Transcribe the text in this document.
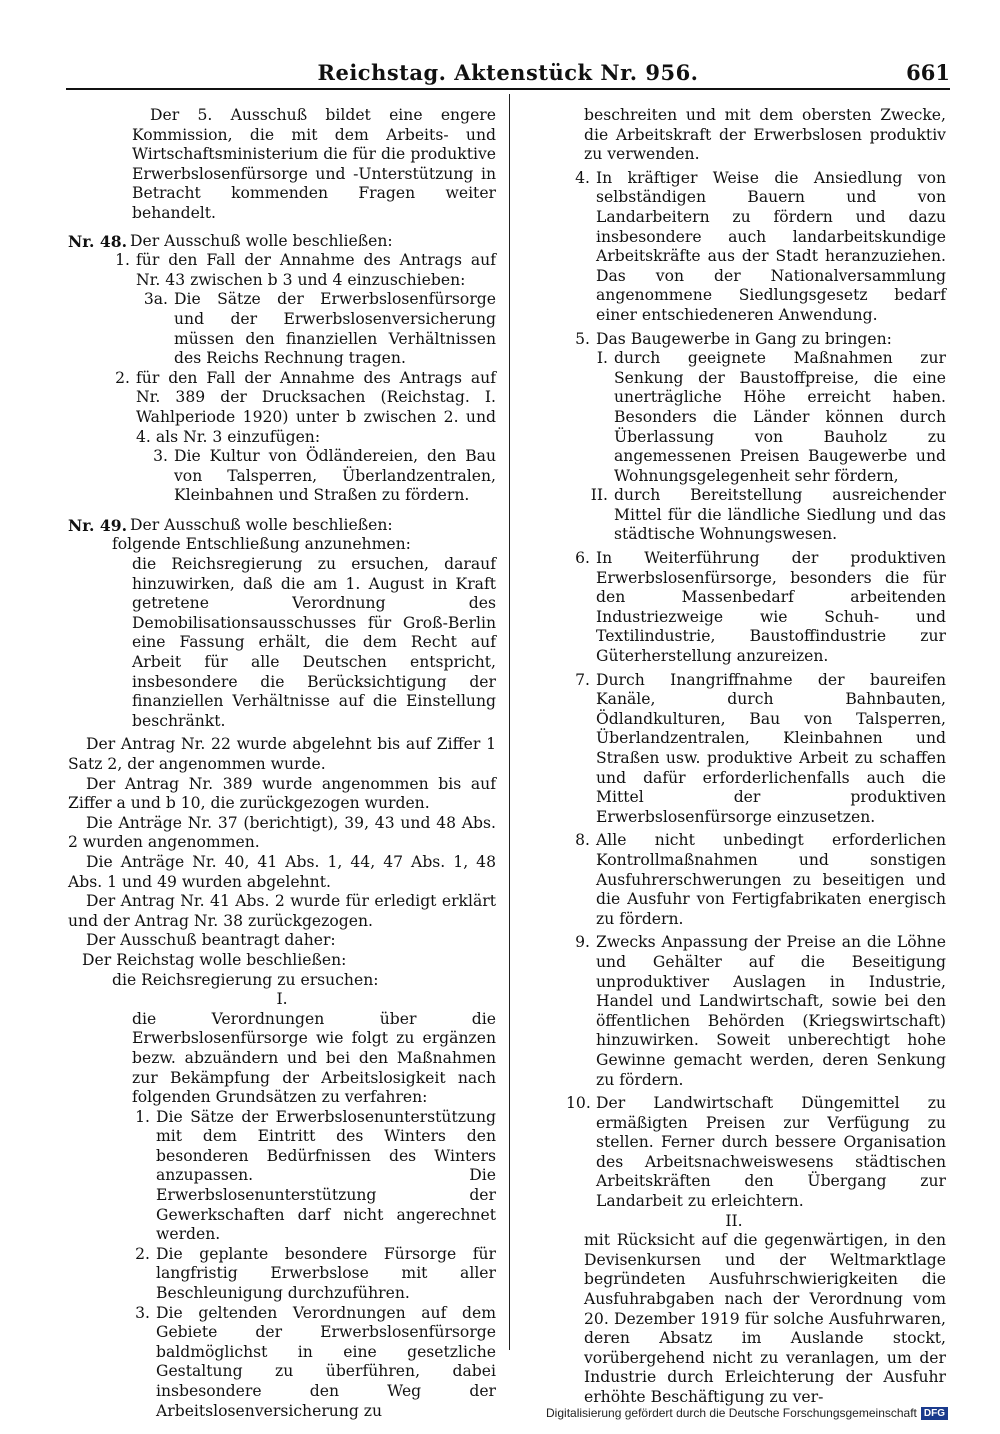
Reichstag. Aktenstück Nr. 956.	661

Der 5. Ausschuß bildet eine engere Kommission, die mit dem Arbeits- und Wirtschaftsministerium die für die produktive Erwerbslosenfürsorge und -Unterstützung in Betracht kommenden Fragen weiter behandelt.

Nr. 48. Der Ausschuß wolle beschließen:
1. für den Fall der Annahme des Antrags auf Nr. 43 zwischen b 3 und 4 einzuschieben:
3a. Die Sätze der Erwerbslosenfürsorge und der Erwerbslosenversicherung müssen den finanziellen Verhältnissen des Reichs Rechnung tragen.
2. für den Fall der Annahme des Antrags auf Nr. 389 der Drucksachen (Reichstag. I. Wahlperiode 1920) unter b zwischen 2. und 4. als Nr. 3 einzufügen:
3. Die Kultur von Ödländereien, den Bau von Talsperren, Überlandzentralen, Kleinbahnen und Straßen zu fördern.
Nr. 49. Der Ausschuß wolle beschließen:

folgende Entschließung anzunehmen:

die Reichsregierung zu ersuchen, darauf hinzuwirken, daß die am 1. August in Kraft getretene Verordnung des Demobilisationsausschusses für Groß-Berlin eine Fassung erhält, die dem Recht auf Arbeit für alle Deutschen entspricht, insbesondere die Berücksichtigung der finanziellen Verhältnisse auf die Einstellung beschränkt.

Der Antrag Nr. 22 wurde abgelehnt bis auf Ziffer 1 Satz 2, der angenommen wurde.

Der Antrag Nr. 389 wurde angenommen bis auf Ziffer a und b 10, die zurückgezogen wurden.

Die Anträge Nr. 37 (berichtigt), 39, 43 und 48 Abs. 2 wurden angenommen.

Die Anträge Nr. 40, 41 Abs. 1, 44, 47 Abs. 1, 48 Abs. 1 und 49 wurden abgelehnt.

Der Antrag Nr. 41 Abs. 2 wurde für erledigt erklärt und der Antrag Nr. 38 zurückgezogen.

Der Ausschuß beantragt daher:

Der Reichstag wolle beschließen:

die Reichsregierung zu ersuchen:

I.

die Verordnungen über die Erwerbslosenfürsorge wie folgt zu ergänzen bezw. abzuändern und bei den Maßnahmen zur Bekämpfung der Arbeitslosigkeit nach folgenden Grundsätzen zu verfahren:

1. Die Sätze der Erwerbslosenunterstützung mit dem Eintritt des Winters den besonderen Bedürfnissen des Winters anzupassen. Die Erwerbslosenunterstützung der Gewerkschaften darf nicht angerechnet werden.
2. Die geplante besondere Fürsorge für langfristig Erwerbslose mit aller Beschleunigung durchzuführen.
3. Die geltenden Verordnungen auf dem Gebiete der Erwerbslosenfürsorge baldmöglichst in eine gesetzliche Gestaltung zu überführen, dabei insbesondere den Weg der Arbeitslosenversicherung zu

beschreiten und mit dem obersten Zwecke, die Arbeitskraft der Erwerbslosen produktiv zu verwenden.

4. In kräftiger Weise die Ansiedlung von selbständigen Bauern und von Landarbeitern zu fördern und dazu insbesondere auch landarbeitskundige Arbeitskräfte aus der Stadt heranzuziehen. Das von der Nationalversammlung angenommene Siedlungsgesetz bedarf einer entschiedeneren Anwendung.
5. Das Baugewerbe in Gang zu bringen:
I. durch geeignete Maßnahmen zur Senkung der Baustoffpreise, die eine unerträgliche Höhe erreicht haben. Besonders die Länder können durch Überlassung von Bauholz zu angemessenen Preisen Baugewerbe und Wohnungsgelegenheit sehr fördern,
II. durch Bereitstellung ausreichender Mittel für die ländliche Siedlung und das städtische Wohnungswesen.
6. In Weiterführung der produktiven Erwerbslosenfürsorge, besonders die für den Massenbedarf arbeitenden Industriezweige wie Schuh- und Textilindustrie, Baustoffindustrie zur Güterherstellung anzureizen.
7. Durch Inangriffnahme der baureifen Kanäle, durch Bahnbauten, Ödlandkulturen, Bau von Talsperren, Überlandzentralen, Kleinbahnen und Straßen usw. produktive Arbeit zu schaffen und dafür erforderlichenfalls auch die Mittel der produktiven Erwerbslosenfürsorge einzusetzen.
8. Alle nicht unbedingt erforderlichen Kontrollmaßnahmen und sonstigen Ausfuhrerschwerungen zu beseitigen und die Ausfuhr von Fertigfabrikaten energisch zu fördern.
9. Zwecks Anpassung der Preise an die Löhne und Gehälter auf die Beseitigung unproduktiver Auslagen in Industrie, Handel und Landwirtschaft, sowie bei den öffentlichen Behörden (Kriegswirtschaft) hinzuwirken. Soweit unberechtigt hohe Gewinne gemacht werden, deren Senkung zu fördern.
10. Der Landwirtschaft Düngemittel zu ermäßigten Preisen zur Verfügung zu stellen. Ferner durch bessere Organisation des Arbeitsnachweiswesens städtischen Arbeitskräften den Übergang zur Landarbeit zu erleichtern.

II.

mit Rücksicht auf die gegenwärtigen, in den Devisenkursen und der Weltmarktlage begründeten Ausfuhrschwierigkeiten die Ausfuhrabgaben nach der Verordnung vom 20. Dezember 1919 für solche Ausfuhrwaren, deren Absatz im Auslande stockt, vorübergehend nicht zu veranlagen, um der Industrie durch Erleichterung der Ausfuhr erhöhte Beschäftigung zu ver-

Digitalisierung gefördert durch die Deutsche Forschungsgemeinschaft DFG
